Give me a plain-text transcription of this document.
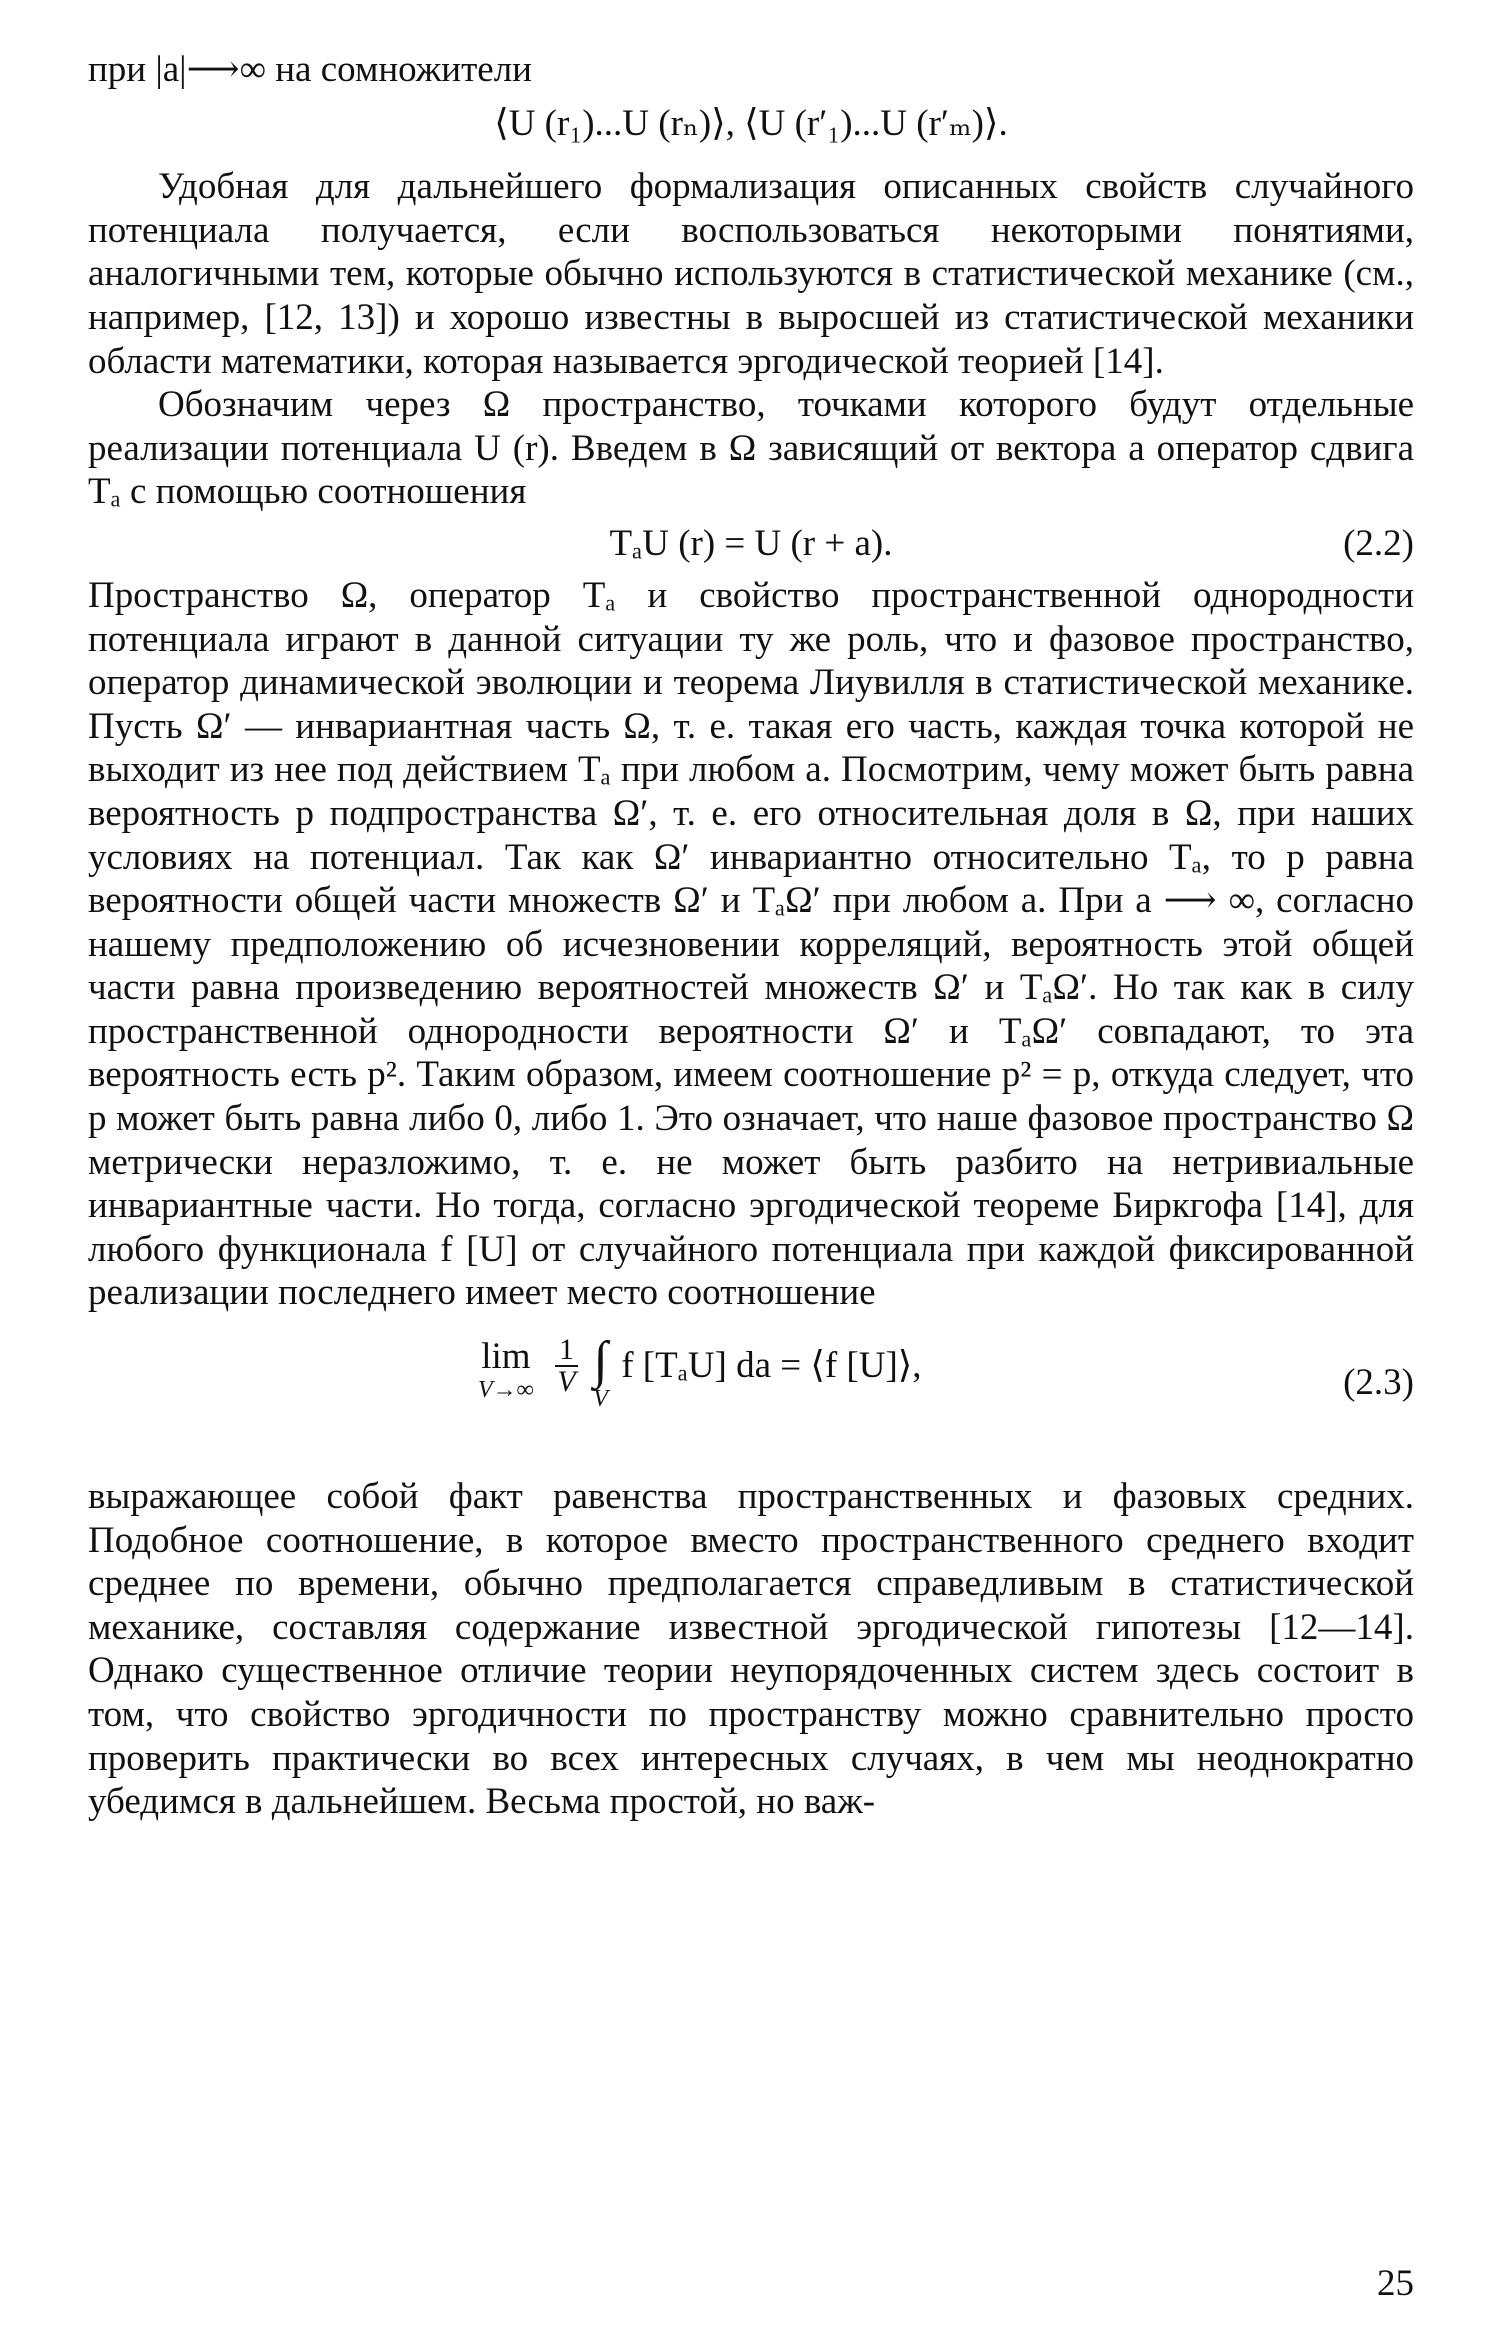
при |a|⟶∞ на сомножители
⟨U (r₁)...U (rₙ)⟩, ⟨U (r′₁)...U (r′ₘ)⟩.

Удобная для дальнейшего формализация описанных свойств случайного потенциала получается, если воспользоваться некоторыми понятиями, аналогичными тем, которые обычно используются в статистической механике (см., например, [12, 13]) и хорошо известны в выросшей из статистической механики области математики, которая называется эргодической теорией [14].

Обозначим через Ω пространство, точками которого будут отдельные реализации потенциала U (r). Введем в Ω зависящий от вектора a оператор сдвига Tₐ с помощью соотношения

TₐU (r) = U (r + a).	(2.2)

Пространство Ω, оператор Tₐ и свойство пространственной однородности потенциала играют в данной ситуации ту же роль, что и фазовое пространство, оператор динамической эволюции и теорема Лиувилля в статистической механике. Пусть Ω′ — инвариантная часть Ω, т. е. такая его часть, каждая точка которой не выходит из нее под действием Tₐ при любом a. Посмотрим, чему может быть равна вероятность p подпространства Ω′, т. е. его относительная доля в Ω, при наших условиях на потенциал. Так как Ω′ инвариантно относительно Tₐ, то p равна вероятности общей части множеств Ω′ и TₐΩ′ при любом a. При a ⟶ ∞, согласно нашему предположению об исчезновении корреляций, вероятность этой общей части равна произведению вероятностей множеств Ω′ и TₐΩ′. Но так как в силу пространственной однородности вероятности Ω′ и TₐΩ′ совпадают, то эта вероятность есть p². Таким образом, имеем соотношение p² = p, откуда следует, что p может быть равна либо 0, либо 1. Это означает, что наше фазовое пространство Ω метрически неразложимо, т. е. не может быть разбито на нетривиальные инвариантные части. Но тогда, согласно эргодической теореме Биркгофа [14], для любого функционала f [U] от случайного потенциала при каждой фиксированной реализации последнего имеет место соотношение

lim
V→∞
$\frac{1}{V}$
∫
V
f [TₐU] da = ⟨f [U]⟩,	(2.3)

выражающее собой факт равенства пространственных и фазовых средних. Подобное соотношение, в которое вместо пространственного среднего входит среднее по времени, обычно предполагается справедливым в статистической механике, составляя содержание известной эргодической гипотезы [12—14]. Однако существенное отличие теории неупорядоченных систем здесь состоит в том, что свойство эргодичности по пространству можно сравнительно просто проверить практически во всех интересных случаях, в чем мы неоднократно убедимся в дальнейшем. Весьма простой, но важ-

25
